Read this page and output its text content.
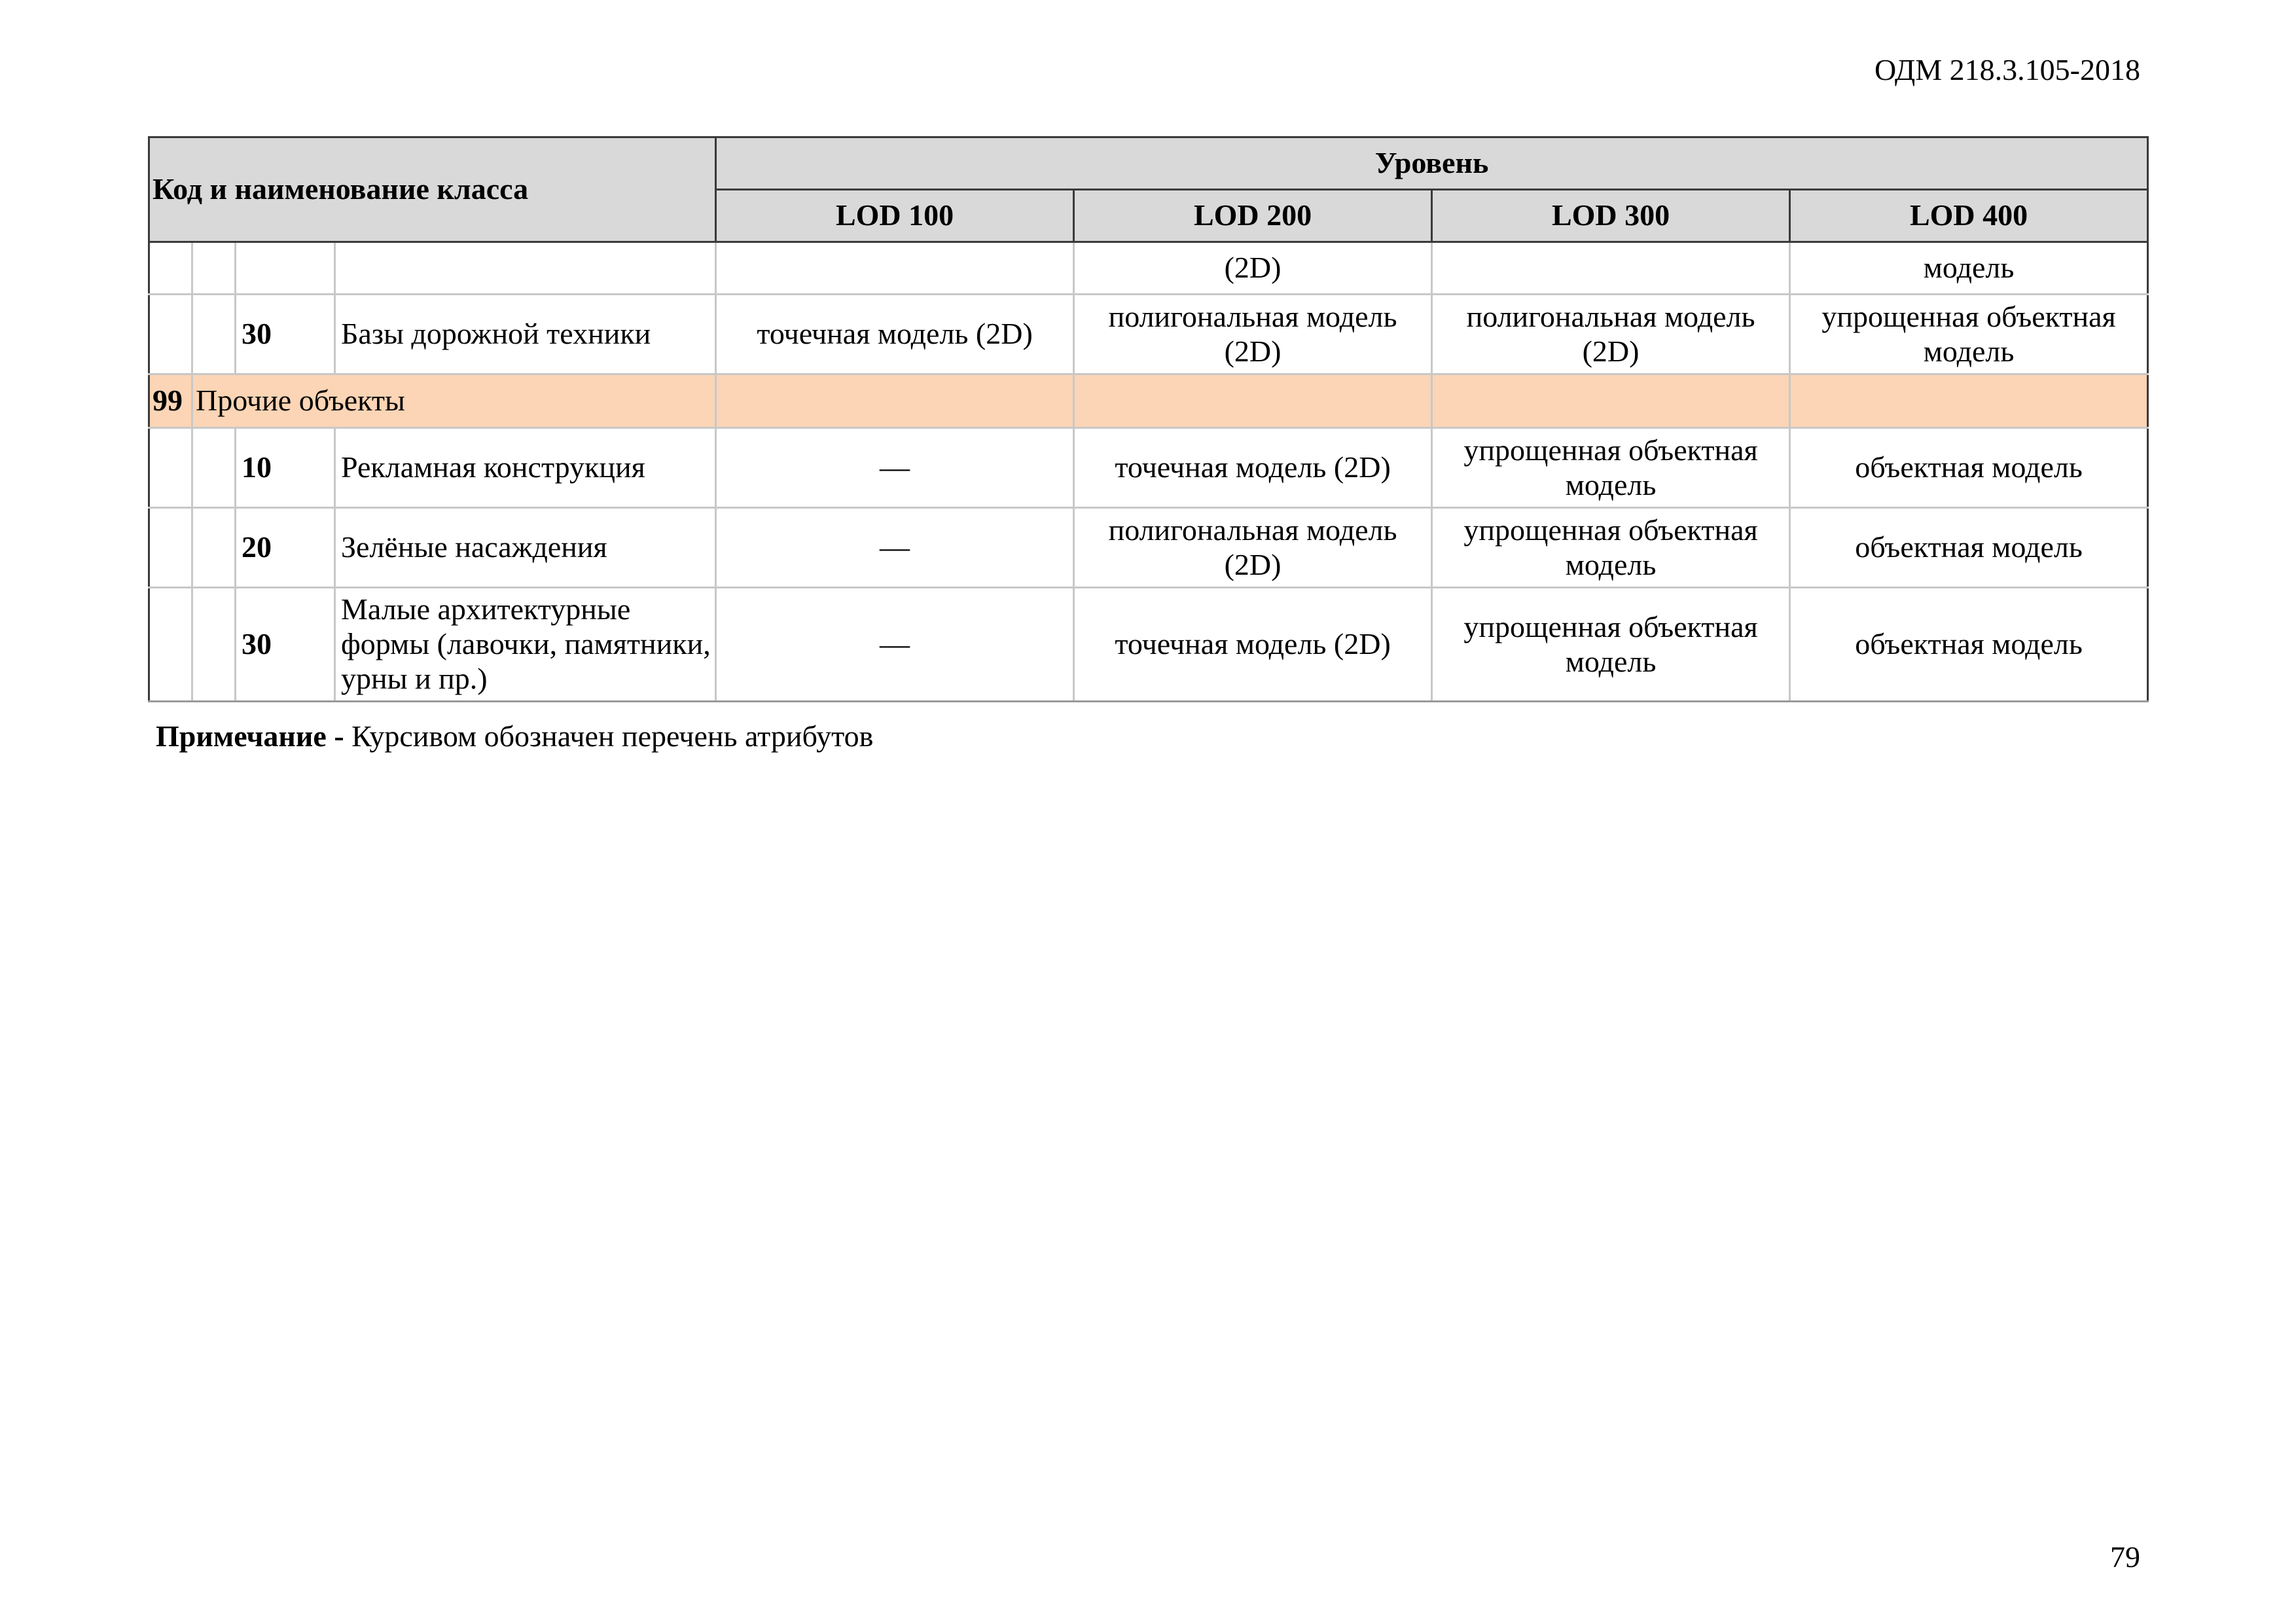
ОДМ 218.3.105-2018
Код и наименование класса				Уровень			
				LOD 100	LOD 200	LOD 300	LOD 400
					(2D)		модель
		30	Базы дорожной техники	точечная модель (2D)	полигональная модель (2D)	полигональная модель (2D)	упрощенная объектная модель
99	Прочие объекты						
		10	Рекламная конструкция	—	точечная модель (2D)	упрощенная объектная модель	объектная модель
		20	Зелёные насаждения	—	полигональная модель (2D)	упрощенная объектная модель	объектная модель
		30	Малые архитектурные формы (лавочки, памятники, урны и пр.)	—	точечная модель (2D)	упрощенная объектная модель	объектная модель
Примечание - Курсивом обозначен перечень атрибутов
79
